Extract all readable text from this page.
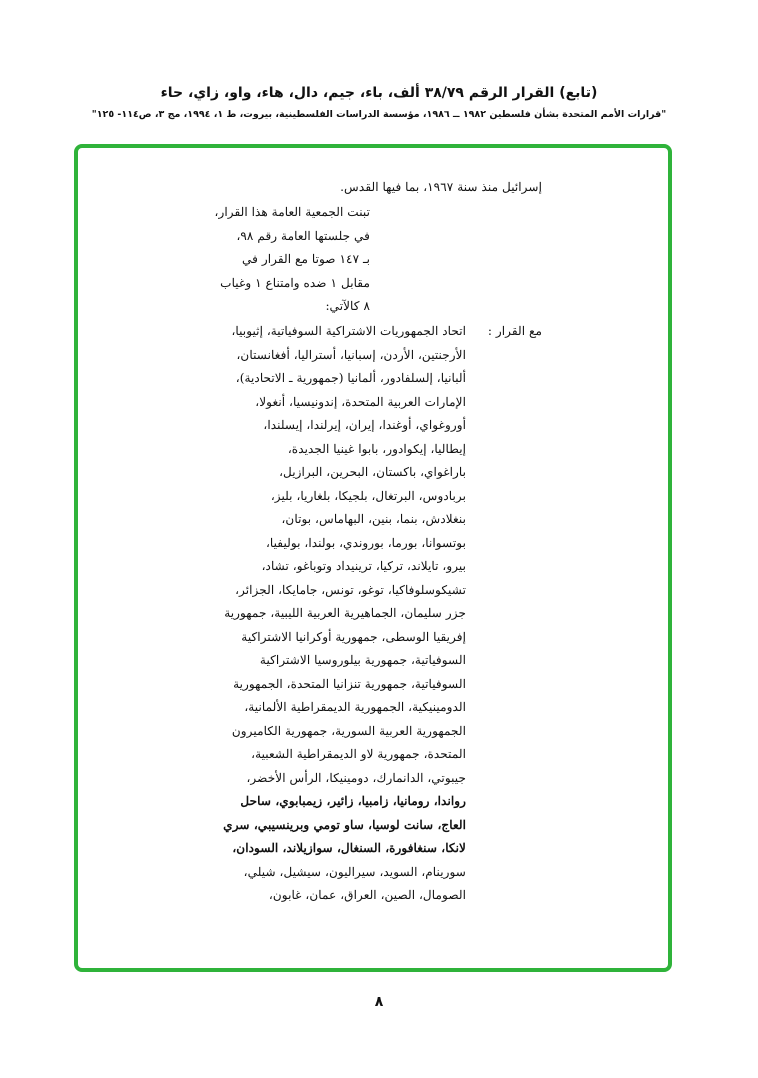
(تابع) القرار الرقم ٣٨/٧٩ ألف، باء، جيم، دال، هاء، واو، زاي، حاء
"قرارات الأمم المتحدة بشأن فلسطين ١٩٨٢ ــ ١٩٨٦، مؤسسة الدراسات الفلسطينية، بيروت، ط ١، ١٩٩٤، مج ٣، ص١١٤- ١٢٥"
إسرائيل منذ سنة ١٩٦٧، بما فيها القدس.
تبنت الجمعية العامة هذا القرار،
في جلستها العامة رقم ٩٨،
بـ ١٤٧ صوتا مع القرار في
مقابل ١ ضده وامتناع ١ وغياب
٨ كالآتي:
مع القرار :
اتحاد الجمهوريات الاشتراكية السوفياتية، إثيوبيا،
الأرجنتين، الأردن، إسبانيا، أستراليا، أفغانستان،
ألبانيا، إلسلفادور، ألمانيا (جمهورية ـ الاتحادية)،
الإمارات العربية المتحدة، إندونيسيا، أنغولا،
أوروغواي، أوغندا، إيران، إيرلندا، إيسلندا،
إيطاليا، إيكوادور، بابوا غينيا الجديدة،
باراغواي، باكستان، البحرين، البرازيل،
بربادوس، البرتغال، بلجيكا، بلغاريا، بليز،
بنغلادش، بنما، بنين، البهاماس، بوتان،
بوتسوانا، بورما، بوروندي، بولندا، بوليفيا،
بيرو، تايلاند، تركيا، ترينيداد وتوباغو، تشاد،
تشيكوسلوفاكيا، توغو، تونس، جامايكا، الجزائر،
جزر سليمان، الجماهيرية العربية الليبية، جمهورية
إفريقيا الوسطى، جمهورية أوكرانيا الاشتراكية
السوفياتية، جمهورية بيلوروسيا الاشتراكية
السوفياتية، جمهورية تنزانيا المتحدة، الجمهورية
الدومينيكية، الجمهورية الديمقراطية الألمانية،
الجمهورية العربية السورية، جمهورية الكاميرون
المتحدة، جمهورية لاو الديمقراطية الشعبية،
جيبوتي، الدانمارك، دومينيكا، الرأس الأخضر،
رواندا، رومانيا، زامبيا، زائير، زيمبابوي، ساحل
العاج، سانت لوسيا، ساو تومي وبرينسيبي، سري
لانكا، سنغافورة، السنغال، سوازيلاند، السودان،
سورينام، السويد، سيراليون، سيشيل، شيلي،
الصومال، الصين، العراق، عمان، غابون،
٨
